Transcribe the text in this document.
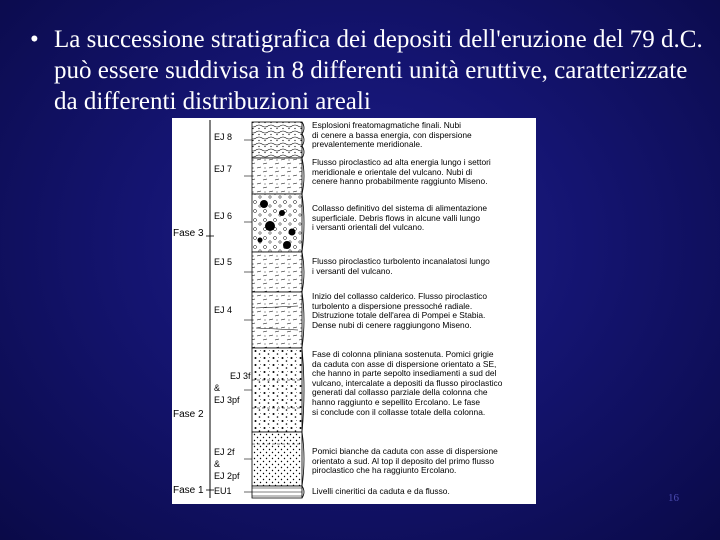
• La successione stratigrafica dei depositi dell'eruzione del 79 d.C. può essere suddivisa in 8 differenti unità eruttive, caratterizzate da differenti distribuzioni areali
EJ 8
EJ 7
EJ 6
EJ 5
EJ 4
EJ 3f
&
EJ 3pf
EJ 2f
&
EJ 2pf
EU1
Fase 3
Fase 2
Fase 1
Esplosioni freatomagmatiche finali. Nubi
di cenere a bassa energia, con dispersione
prevalentemente meridionale.
Flusso piroclastico ad alta energia lungo i settori
meridionale e orientale del vulcano. Nubi di
cenere hanno probabilmente raggiunto Miseno.
Collasso definitivo del sistema di alimentazione
superficiale. Debris flows in alcune valli lungo
i versanti orientali del vulcano.
Flusso piroclastico turbolento incanalatosi lungo
i versanti del vulcano.
Inizio del collasso calderico. Flusso piroclastico
turbolento a dispersione pressoché radiale.
Distruzione totale dell'area di Pompei e Stabia.
Dense nubi di cenere raggiungono Miseno.
Fase di colonna pliniana sostenuta. Pomici grigie
da caduta con asse di dispersione orientato a SE,
che hanno in parte sepolto insediamenti a sud del
vulcano, intercalate a depositi da flusso piroclastico
generati dal collasso parziale della colonna che
hanno raggiunto e sepellito Ercolano. Le fase
si conclude con il collasse totale della colonna.
Pomici bianche da caduta con asse di dispersione
orientato a sud. Al top il deposito del primo flusso
piroclastico che ha raggiunto Ercolano.
Livelli cineritici da caduta e da flusso.
16
